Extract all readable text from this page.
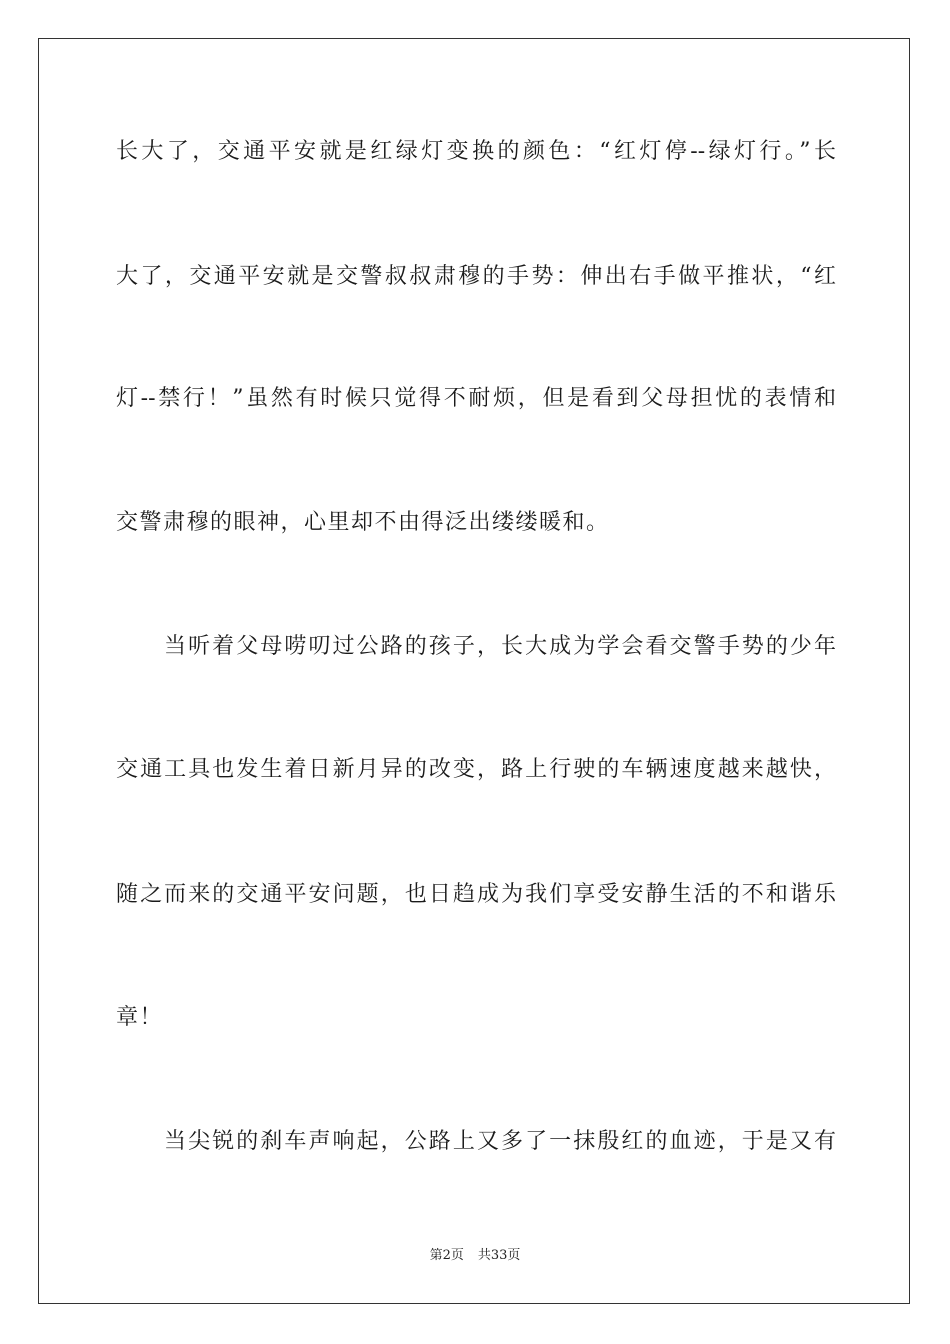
长大了，交通平安就是红绿灯变换的颜色：“红灯停--绿灯行。”长
大了，交通平安就是交警叔叔肃穆的手势：伸出右手做平推状，“红
灯--禁行！”虽然有时候只觉得不耐烦，但是看到父母担忧的表情和
交警肃穆的眼神，心里却不由得泛出缕缕暖和。
当听着父母唠叨过公路的孩子，长大成为学会看交警手势的少年
交通工具也发生着日新月异的改变，路上行驶的车辆速度越来越快，
随之而来的交通平安问题，也日趋成为我们享受安静生活的不和谐乐
章！
当尖锐的刹车声响起，公路上又多了一抹殷红的血迹，于是又有
第2页 共33页
